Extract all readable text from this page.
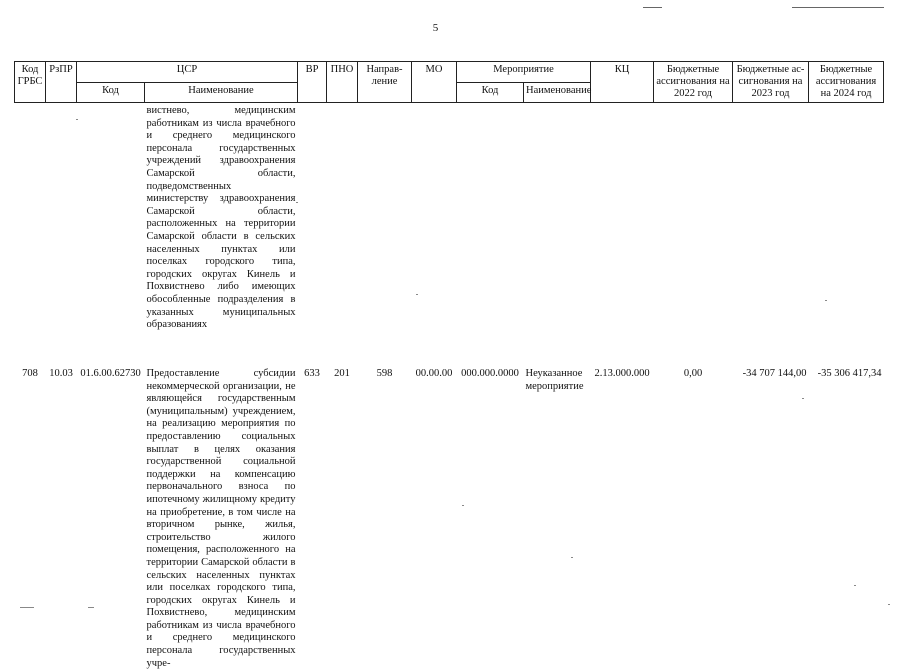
5
Код ГРБС	РзПР	ЦСР		ВР	ПНО	Направ-ление	МО	Мероприятие		КЦ	Бюджетные ассигнования на 2022 год	Бюджетные ас-сигнования на 2023 год	Бюджетные ассигнования на 2024 год
		Код	Наименование					Код	Наименование				
			вистнево, медицинским работникам из числа врачебного и среднего медицинского персонала государственных учреждений здравоохранения Самарской области, подведомственных министерству здравоохранения Самарской области, расположенных на территории Самарской области в сельских населенных пунктах или поселках городского типа, городских округах Кинель и Похвистнево либо имеющих обособленные подразделения в указанных муниципальных образованиях										
708	10.03	01.6.00.62730	Предоставление субсидии некоммерческой организации, не являющейся государственным (муниципальным) учреждением, на реализацию мероприятия по предоставлению социальных выплат в целях оказания государственной социальной поддержки на компенсацию первоначального взноса по ипотечному жилищному кредиту на приобретение, в том числе на вторичном рынке, жилья, строительство жилого помещения, расположенного на территории Самарской области в сельских населенных пунктах или поселках городского типа, городских округах Кинель и Похвистнево, медицинским работникам из числа врачебного и среднего медицинского персонала государственных учре-	633	201	598	00.00.00	000.000.0000	Неуказанное мероприятие	2.13.000.000	0,00	-34 707 144,00	-35 306 417,34
